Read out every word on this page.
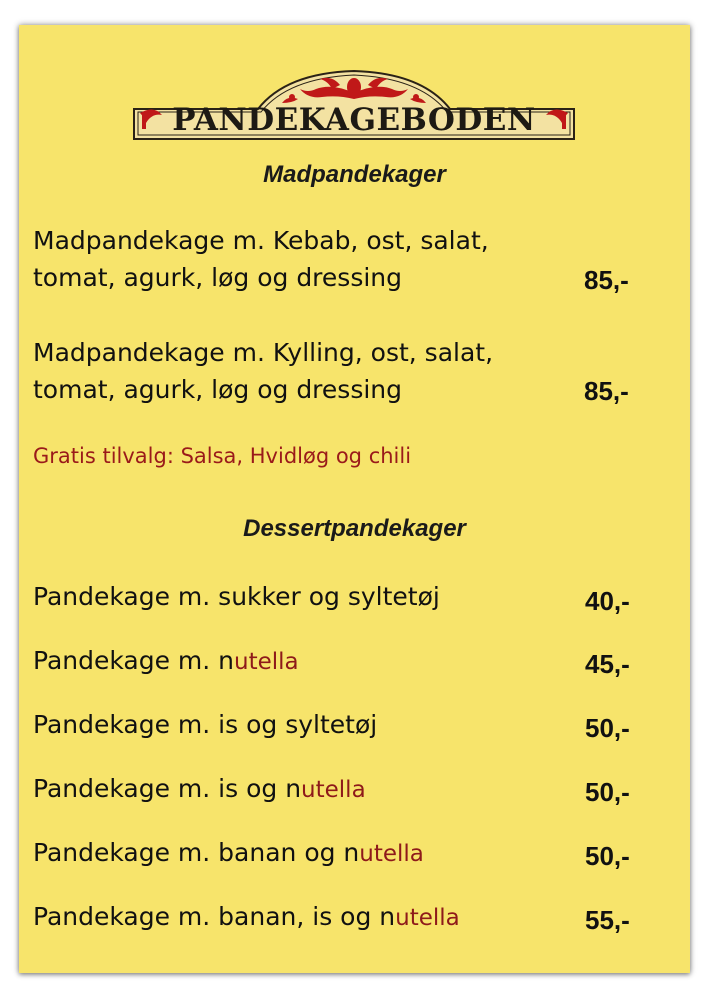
PANDEKAGEBODEN
Madpandekager
Madpandekage m. Kebab, ost, salat,
tomat, agurk, løg og dressing	85,-
Madpandekage m. Kylling, ost, salat,
tomat, agurk, løg og dressing	85,-
Gratis tilvalg: Salsa, Hvidløg og chili
Dessertpandekager
Pandekage m. sukker og syltetøj	40,-
Pandekage m. nutella	45,-
Pandekage m. is og syltetøj	50,-
Pandekage m. is og nutella	50,-
Pandekage m. banan og nutella	50,-
Pandekage m. banan, is og nutella	55,-
